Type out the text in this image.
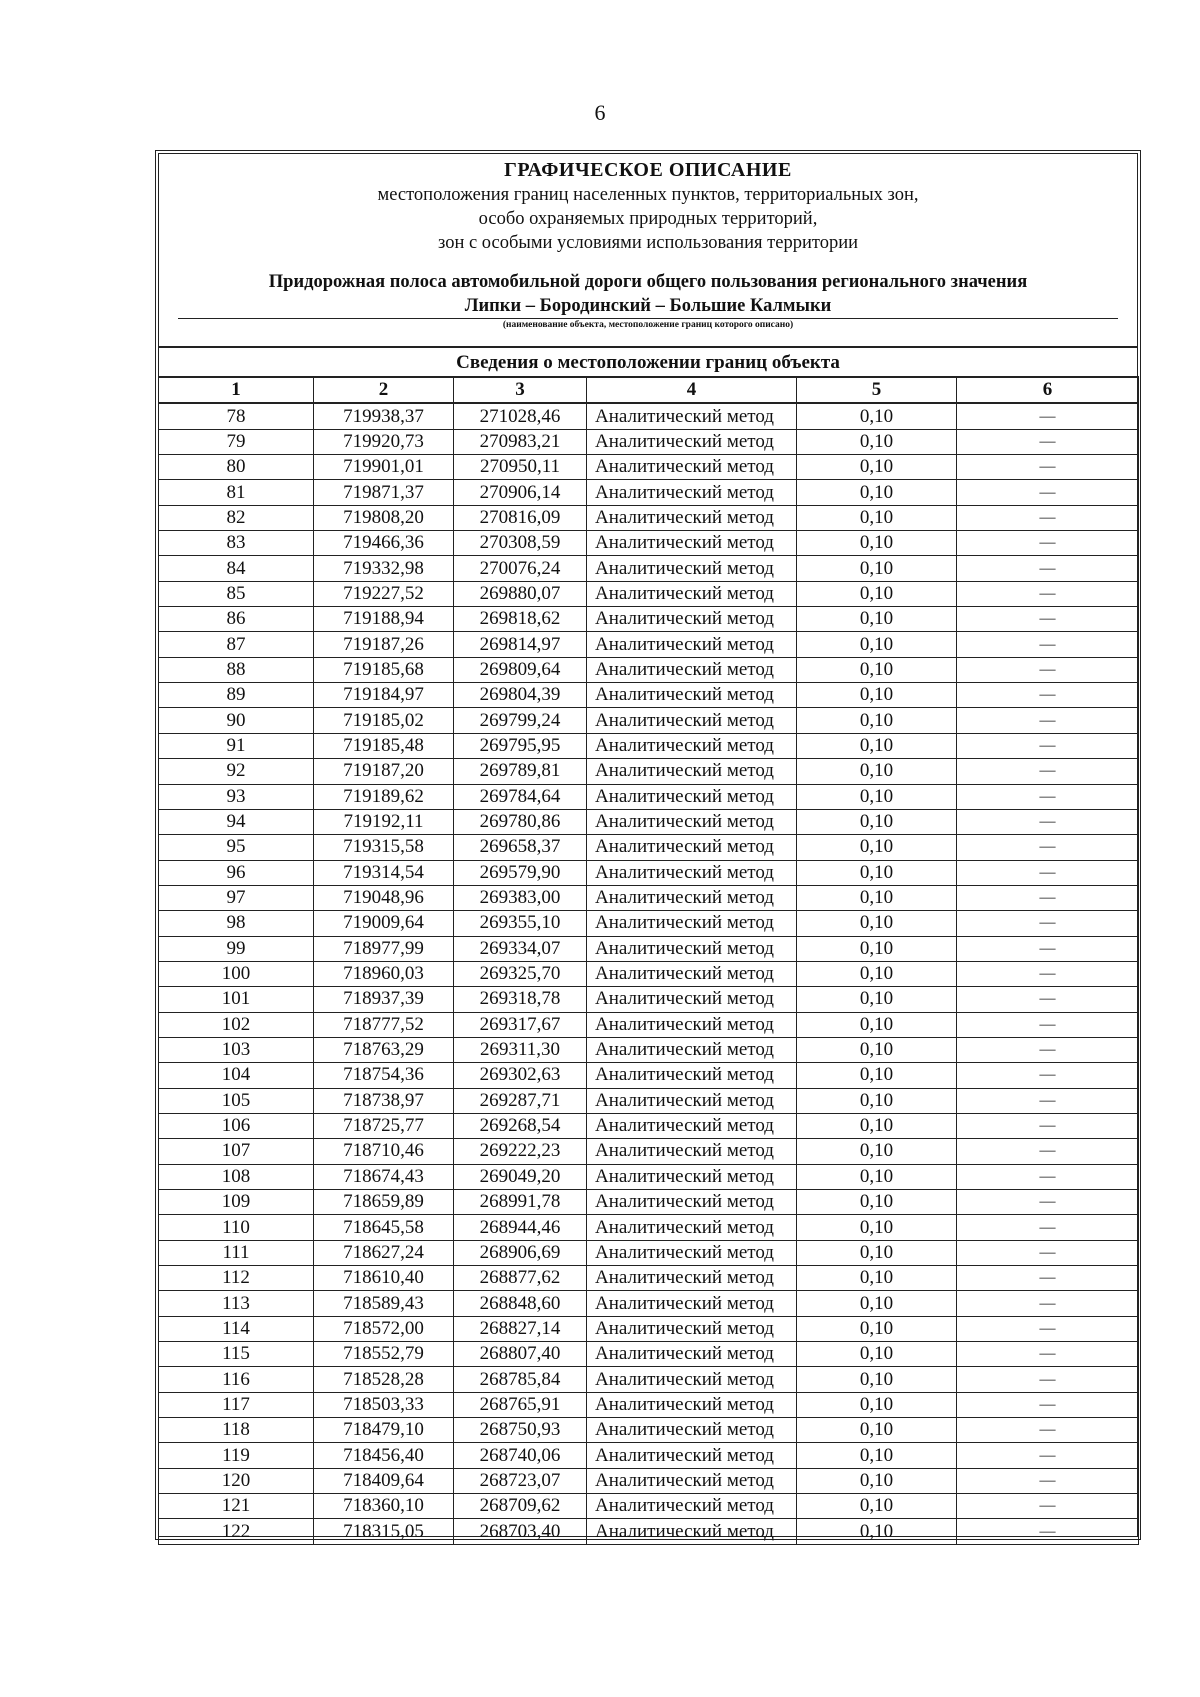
6
ГРАФИЧЕСКОЕ ОПИСАНИЕ
местоположения границ населенных пунктов, территориальных зон,
особо охраняемых природных территорий,
зон с особыми условиями использования территории
Придорожная полоса автомобильной дороги общего пользования регионального значения
Липки – Бородинский – Большие Калмыки
(наименование объекта, местоположение границ которого описано)
Сведения о местоположении границ объекта
1	2	3	4	5	6
78	719938,37	271028,46	Аналитический метод	0,10	—
79	719920,73	270983,21	Аналитический метод	0,10	—
80	719901,01	270950,11	Аналитический метод	0,10	—
81	719871,37	270906,14	Аналитический метод	0,10	—
82	719808,20	270816,09	Аналитический метод	0,10	—
83	719466,36	270308,59	Аналитический метод	0,10	—
84	719332,98	270076,24	Аналитический метод	0,10	—
85	719227,52	269880,07	Аналитический метод	0,10	—
86	719188,94	269818,62	Аналитический метод	0,10	—
87	719187,26	269814,97	Аналитический метод	0,10	—
88	719185,68	269809,64	Аналитический метод	0,10	—
89	719184,97	269804,39	Аналитический метод	0,10	—
90	719185,02	269799,24	Аналитический метод	0,10	—
91	719185,48	269795,95	Аналитический метод	0,10	—
92	719187,20	269789,81	Аналитический метод	0,10	—
93	719189,62	269784,64	Аналитический метод	0,10	—
94	719192,11	269780,86	Аналитический метод	0,10	—
95	719315,58	269658,37	Аналитический метод	0,10	—
96	719314,54	269579,90	Аналитический метод	0,10	—
97	719048,96	269383,00	Аналитический метод	0,10	—
98	719009,64	269355,10	Аналитический метод	0,10	—
99	718977,99	269334,07	Аналитический метод	0,10	—
100	718960,03	269325,70	Аналитический метод	0,10	—
101	718937,39	269318,78	Аналитический метод	0,10	—
102	718777,52	269317,67	Аналитический метод	0,10	—
103	718763,29	269311,30	Аналитический метод	0,10	—
104	718754,36	269302,63	Аналитический метод	0,10	—
105	718738,97	269287,71	Аналитический метод	0,10	—
106	718725,77	269268,54	Аналитический метод	0,10	—
107	718710,46	269222,23	Аналитический метод	0,10	—
108	718674,43	269049,20	Аналитический метод	0,10	—
109	718659,89	268991,78	Аналитический метод	0,10	—
110	718645,58	268944,46	Аналитический метод	0,10	—
111	718627,24	268906,69	Аналитический метод	0,10	—
112	718610,40	268877,62	Аналитический метод	0,10	—
113	718589,43	268848,60	Аналитический метод	0,10	—
114	718572,00	268827,14	Аналитический метод	0,10	—
115	718552,79	268807,40	Аналитический метод	0,10	—
116	718528,28	268785,84	Аналитический метод	0,10	—
117	718503,33	268765,91	Аналитический метод	0,10	—
118	718479,10	268750,93	Аналитический метод	0,10	—
119	718456,40	268740,06	Аналитический метод	0,10	—
120	718409,64	268723,07	Аналитический метод	0,10	—
121	718360,10	268709,62	Аналитический метод	0,10	—
122	718315,05	268703,40	Аналитический метод	0,10	—
